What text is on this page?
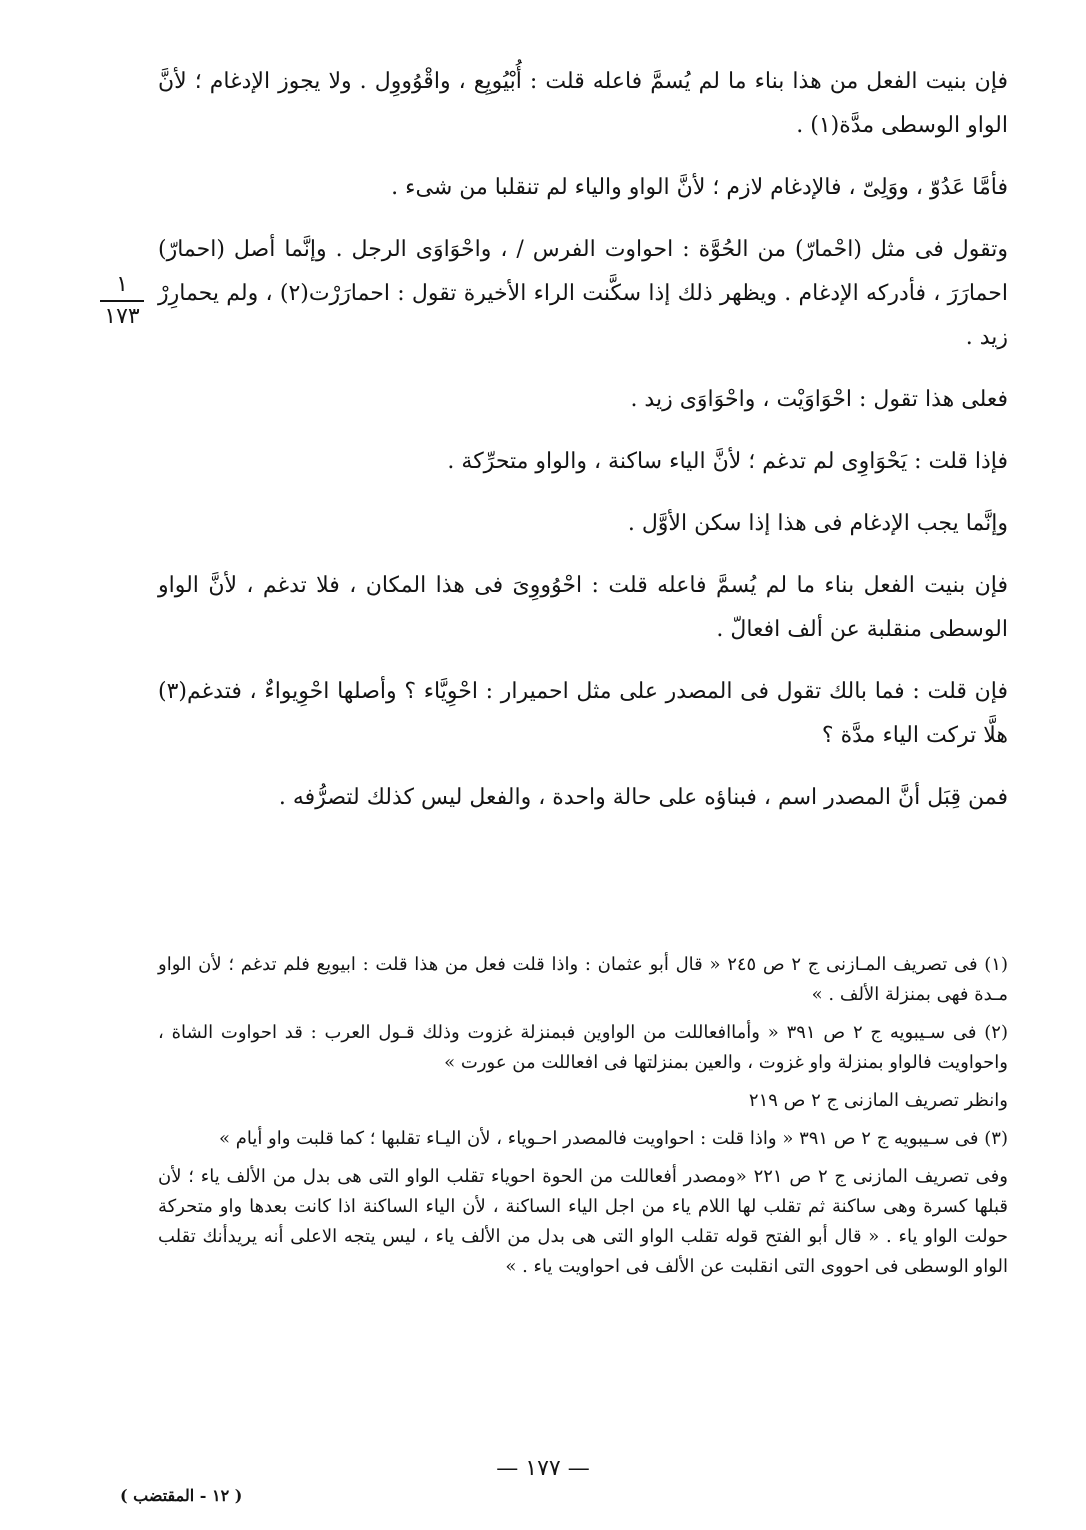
فإن بنيت الفعل من هذا بناء ما لم يُسمَّ فاعله قلت : أُبْيُويِع ، واقْوُووِل . ولا يجوز الإدغام ؛ لأنَّ الواو الوسطى مدَّة(١) .

فأمَّا عَدُوّ ، ووَلِىّ ، فالإدغام لازم ؛ لأنَّ الواو والياء لم تنقلبا من شىء .

وتقول فى مثل (احْمارّ) من الحُوَّة : احواوت الفرس / ، واحْوَاوَى الرجل . وإنَّما أصل (احمارّ) احمارَرَ ، فأدركه الإدغام . ويظهر ذلك إذا سكَّنت الراء الأخيرة تقول : احمارَرْت(٢) ، ولم يحمارِرْ زيد .

فعلى هذا تقول : احْوَاوَيْت ، واحْوَاوَى زيد .

فإذا قلت : يَحْوَاوِى لم تدغم ؛ لأنَّ الياء ساكنة ، والواو متحرِّكة .

وإنَّما يجب الإدغام فى هذا إذا سكن الأوَّل .

فإن بنيت الفعل بناء ما لم يُسمَّ فاعله قلت : احْوُووِىَ فى هذا المكان ، فلا تدغم ، لأنَّ الواو الوسطى منقلبة عن ألف افعالّ .

فإن قلت : فما بالك تقول فى المصدر على مثل احميرار : احْوِيَّاء ؟ وأصلها احْوِيواءٌ ، فتدغم(٣) هلَّا تركت الياء مدَّة ؟

فمن قِبَل أنَّ المصدر اسم ، فبناؤه على حالة واحدة ، والفعل ليس كذلك لتصرُّفه .

١
١٧٣

(١) فى تصريف المـازنى ج ٢ ص ٢٤٥ « قال أبو عثمان : واذا قلت فعل من هذا قلت : ابيويع فلم تدغم ؛ لأن الواو مـدة فهى بمنزلة الألف . »

(٢) فى سـيبويه ج ٢ ص ٣٩١ « وأماافعاللت من الواوين فبمنزلة غزوت وذلك قـول العرب : قد احواوت الشاة ، واحواويت فالواو بمنزلة واو غزوت ، والعين بمنزلتها فى افعاللت من عورت »

وانظر تصريف المازنى ج ٢ ص ٢١٩

(٣) فى سـيبويه ج ٢ ص ٣٩١ « واذا قلت : احواويت فالمصدر احـوياء ، لأن اليـاء تقلبها ؛ كما قلبت واو أيام »

وفى تصريف المازنى ج ٢ ص ٢٢١ «ومصدر أفعاللت من الحوة احوياء تقلب الواو التى هى بدل من الألف ياء ؛ لأن قبلها كسرة وهى ساكنة ثم تقلب لها اللام ياء من اجل الياء الساكنة ، لأن الياء الساكنة اذا كانت بعدها واو متحركة حولت الواو ياء . « قال أبو الفتح قوله تقلب الواو التى هى بدل من الألف ياء ، ليس يتجه الاعلى أنه يريدأنك تقلب الواو الوسطى فى احووى التى انقلبت عن الألف فى احواويت ياء . »

— ١٧٧ —
( ١٢ - المقتضب )
